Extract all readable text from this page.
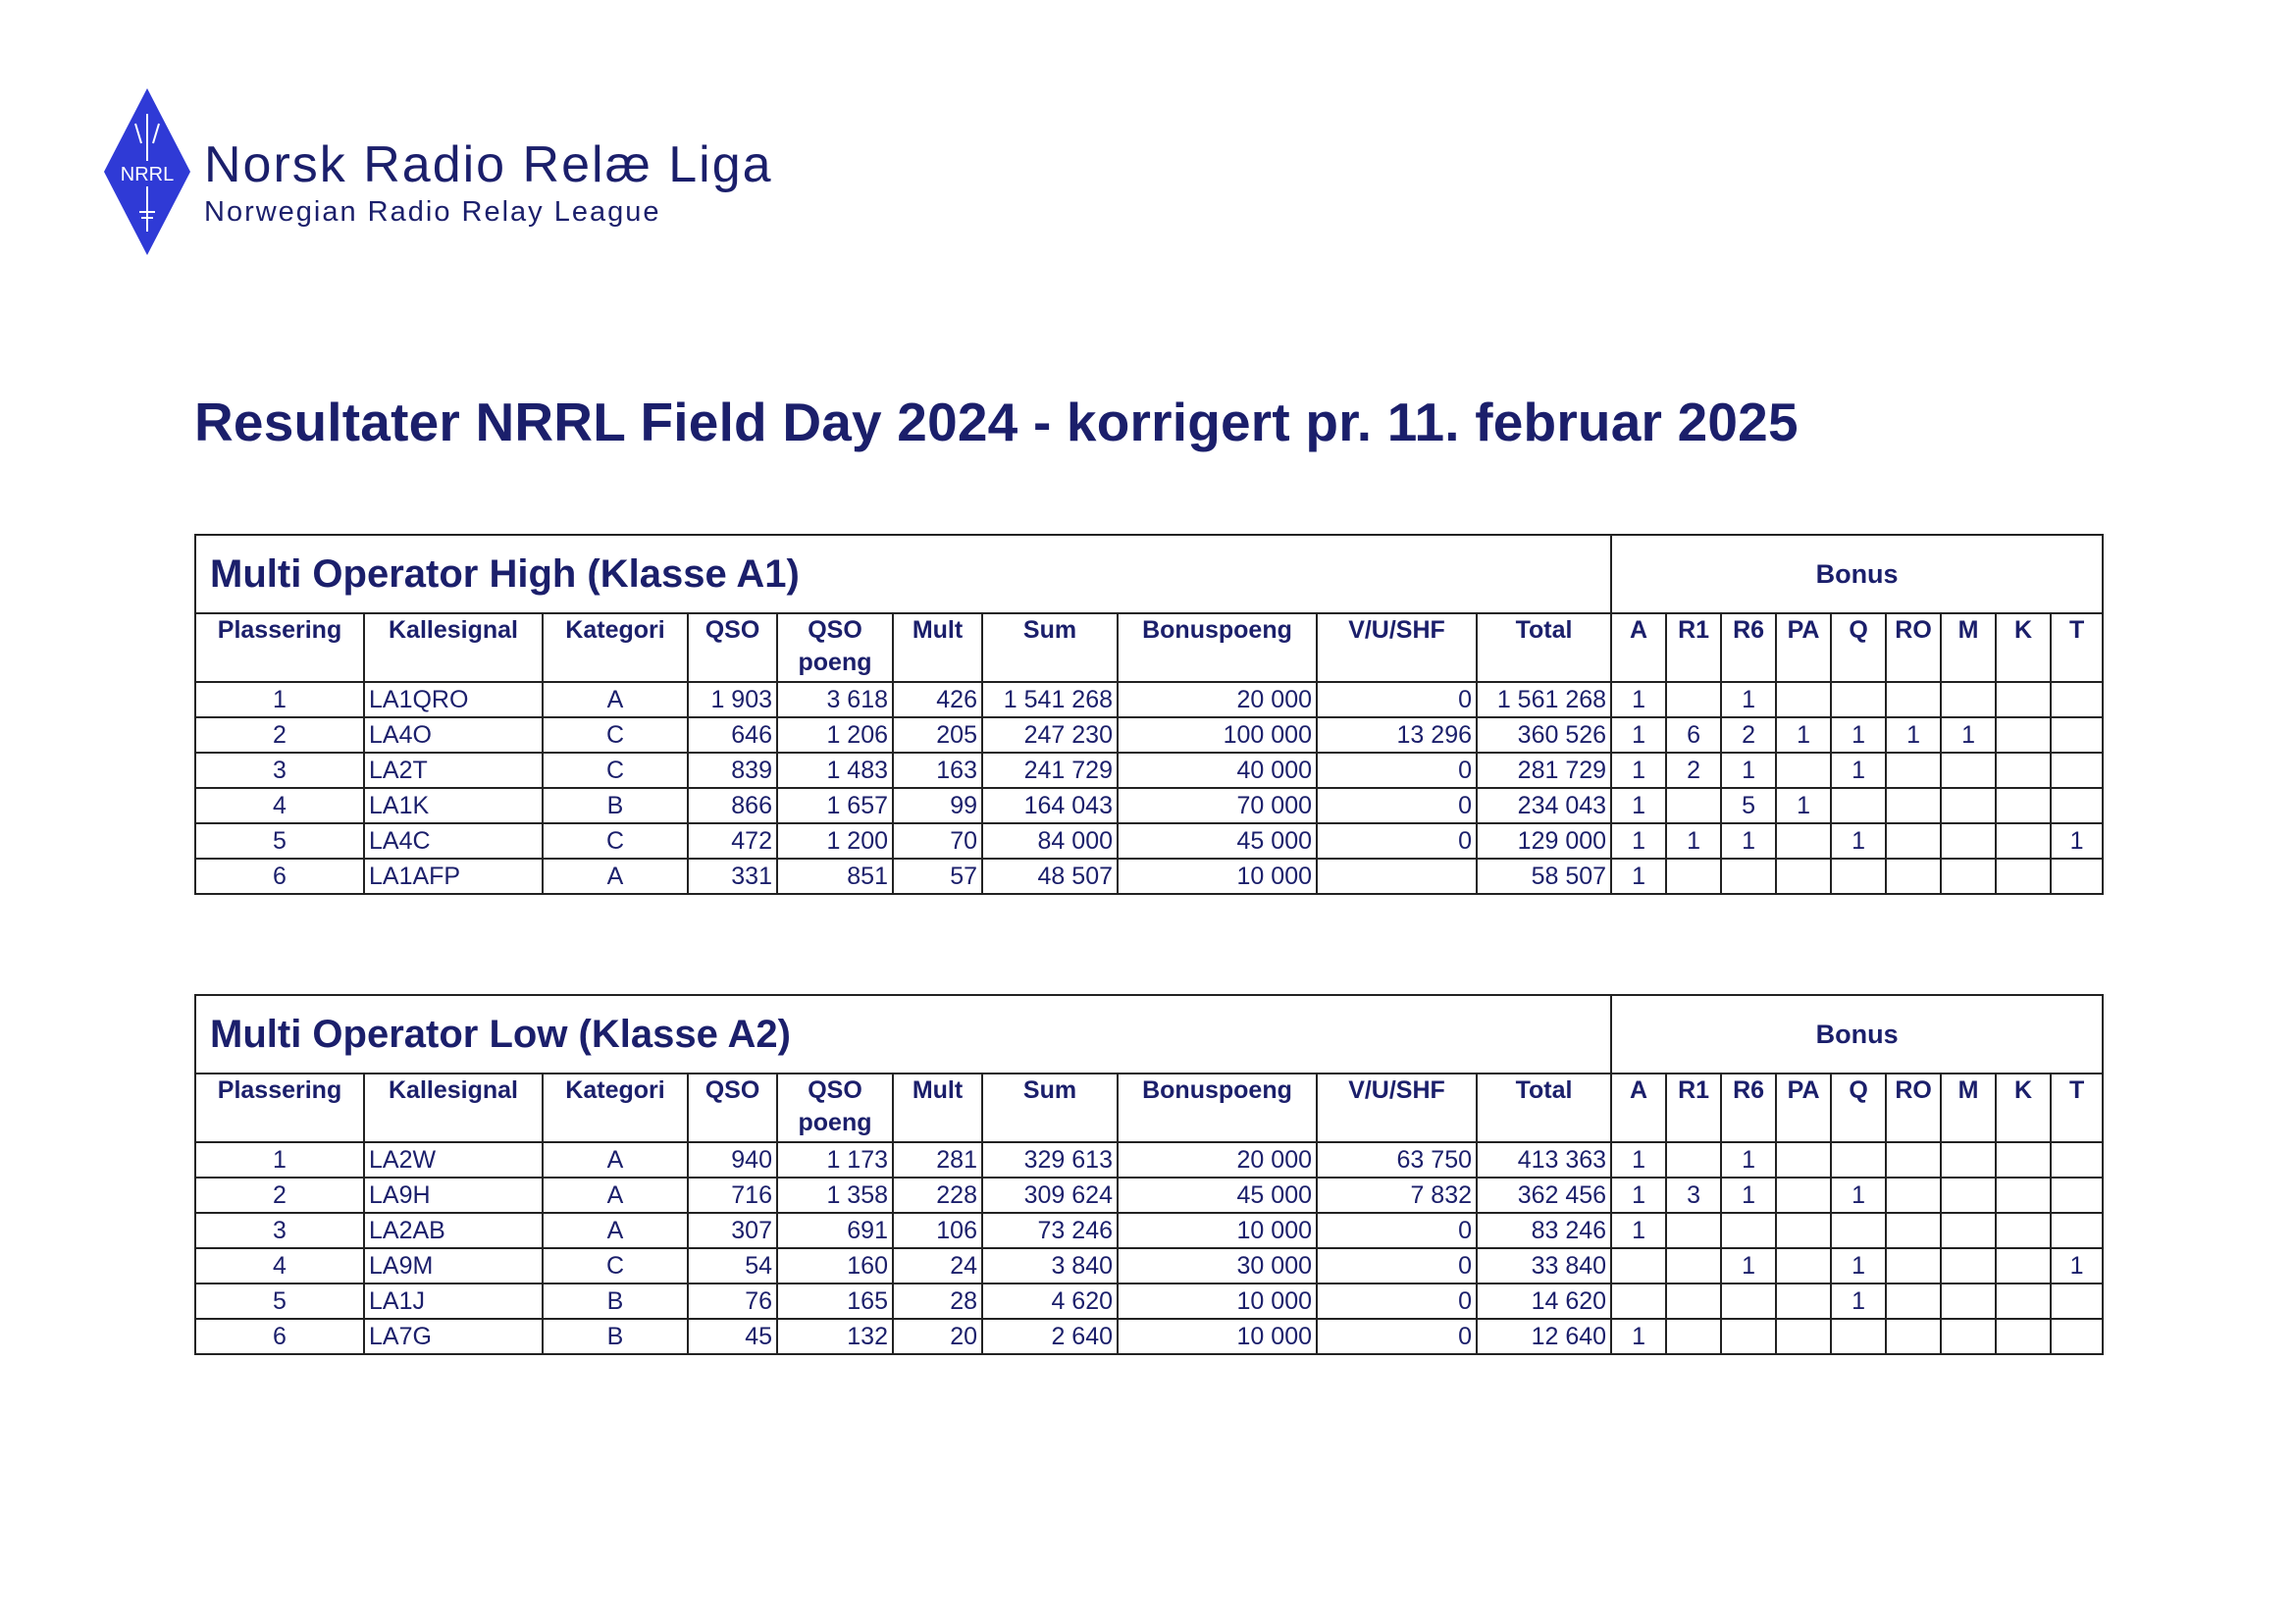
NRRL Norsk Radio Relæ Liga
Norwegian Radio Relay League
Resultater NRRL Field Day 2024 - korrigert pr. 11. februar 2025
Multi Operator High (Klasse A1)										Bonus								
Plassering	Kallesignal	Kategori	QSO	QSO poeng	Mult	Sum	Bonuspoeng	V/U/SHF	Total	A	R1	R6	PA	Q	RO	M	K	T
1	LA1QRO	A	1 903	3 618	426	1 541 268	20 000	0	1 561 268	1		1						
2	LA4O	C	646	1 206	205	247 230	100 000	13 296	360 526	1	6	2	1	1	1	1		
3	LA2T	C	839	1 483	163	241 729	40 000	0	281 729	1	2	1		1				
4	LA1K	B	866	1 657	99	164 043	70 000	0	234 043	1		5	1					
5	LA4C	C	472	1 200	70	84 000	45 000	0	129 000	1	1	1		1				1
6	LA1AFP	A	331	851	57	48 507	10 000		58 507	1								
Multi Operator Low (Klasse A2)										Bonus								
Plassering	Kallesignal	Kategori	QSO	QSO poeng	Mult	Sum	Bonuspoeng	V/U/SHF	Total	A	R1	R6	PA	Q	RO	M	K	T
1	LA2W	A	940	1 173	281	329 613	20 000	63 750	413 363	1		1						
2	LA9H	A	716	1 358	228	309 624	45 000	7 832	362 456	1	3	1		1				
3	LA2AB	A	307	691	106	73 246	10 000	0	83 246	1								
4	LA9M	C	54	160	24	3 840	30 000	0	33 840			1		1				1
5	LA1J	B	76	165	28	4 620	10 000	0	14 620					1				
6	LA7G	B	45	132	20	2 640	10 000	0	12 640	1								
